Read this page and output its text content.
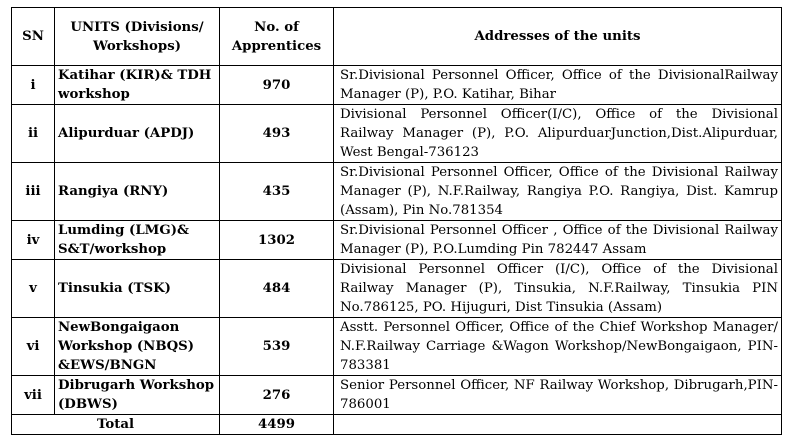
SN	UNITS (Divisions/ Workshops)	No. of Apprentices	Addresses of the units
i	Katihar (KIR)& TDH workshop	970	Sr.Divisional Personnel Officer, Office of the DivisionalRailway Manager (P), P.O. Katihar, Bihar
ii	Alipurduar (APDJ)	493	Divisional Personnel Officer(I/C), Office of the Divisional Railway Manager (P), P.O. AlipurduarJunction,Dist.Alipurduar, West Bengal-736123
iii	Rangiya (RNY)	435	Sr.Divisional Personnel Officer, Office of the Divisional Railway Manager (P), N.F.Railway, Rangiya P.O. Rangiya, Dist. Kamrup (Assam), Pin No.781354
iv	Lumding (LMG)& S&T/workshop	1302	Sr.Divisional Personnel Officer , Office of the Divisional Railway Manager (P), P.O.Lumding Pin 782447 Assam
v	Tinsukia (TSK)	484	Divisional Personnel Officer (I/C), Office of the Divisional Railway Manager (P), Tinsukia, N.F.Railway, Tinsukia PIN No.786125, PO. Hijuguri, Dist Tinsukia (Assam)
vi	NewBongaigaon Workshop (NBQS) &EWS/BNGN	539	Asstt. Personnel Officer, Office of the Chief Workshop Manager/ N.F.Railway Carriage &Wagon Workshop/NewBongaigaon, PIN- 783381
vii	Dibrugarh Workshop (DBWS)	276	Senior Personnel Officer, NF Railway Workshop, Dibrugarh,PIN-786001
Total		4499	
